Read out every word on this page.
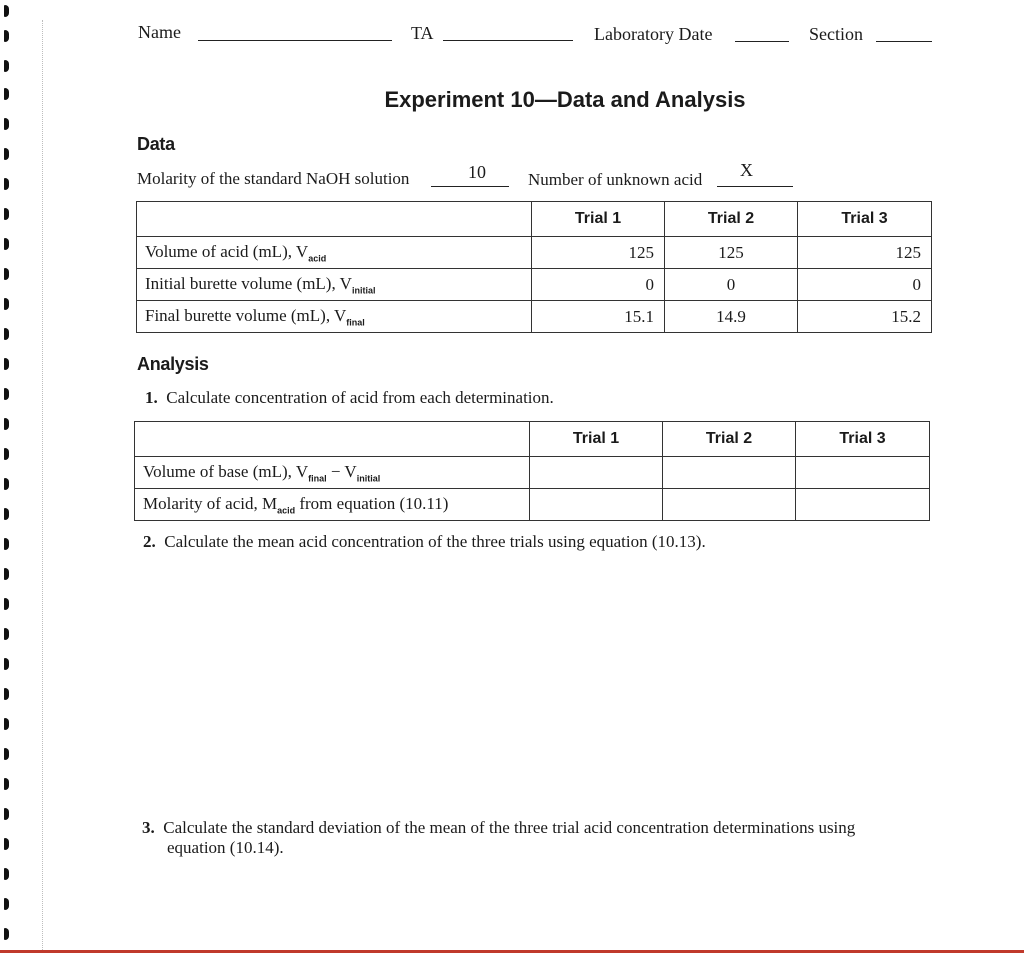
Name	TA	Laboratory Date	Section
Experiment 10—Data and Analysis
Data
Molarity of the standard NaOH solution	10 Number of unknown acid X
	Trial 1	Trial 2	Trial 3
Volume of acid (mL), $V_{acid}$	125	125	125
Initial burette volume (mL), $V_{initial}$	0	0	0
Final burette volume (mL), $V_{final}$	15.1	14.9	15.2
Analysis
1. Calculate concentration of acid from each determination.
	Trial 1	Trial 2	Trial 3
Volume of base (mL), $V_{final} - V_{initial}$			
Molarity of acid, $M_{acid}$ from equation (10.11)			
2. Calculate the mean acid concentration of the three trials using equation (10.13).
3. Calculate the standard deviation of the mean of the three trial acid concentration determinations using
equation (10.14).
